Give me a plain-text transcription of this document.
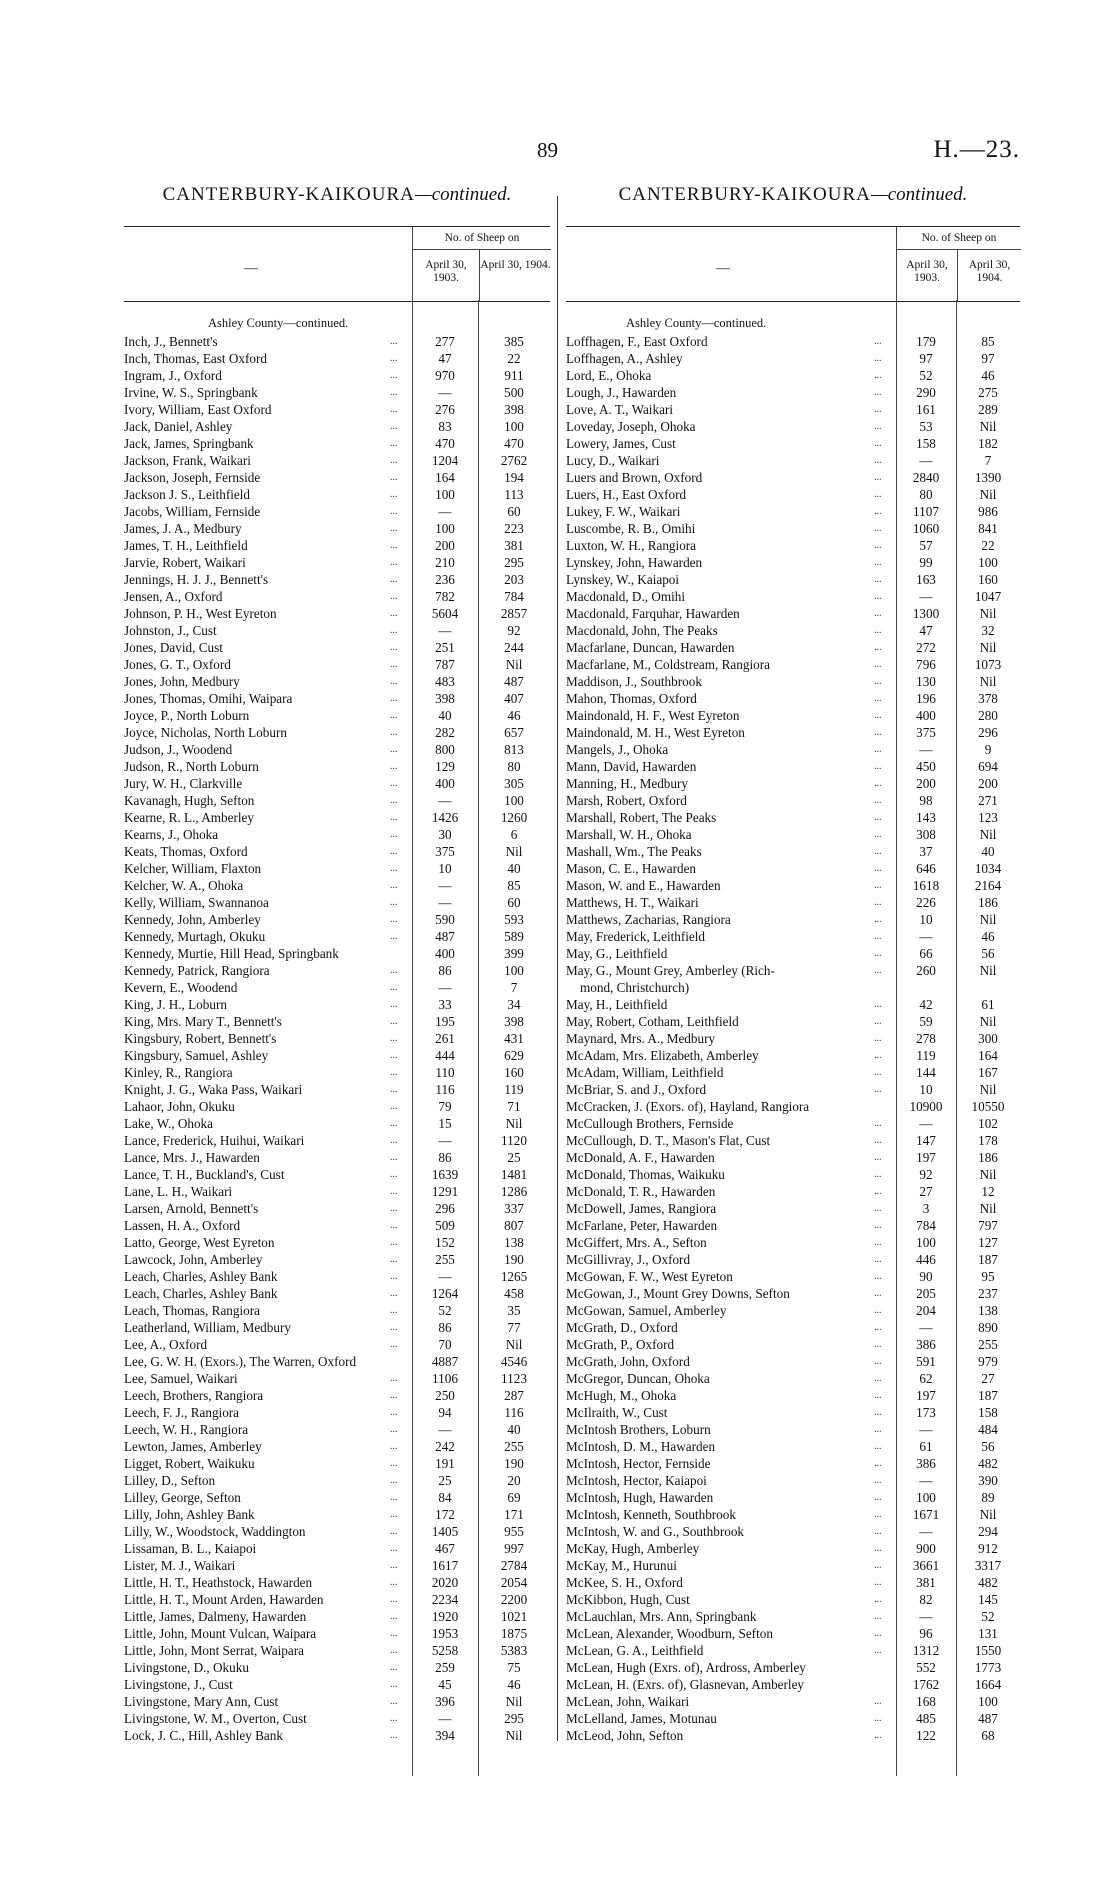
89	H.—23.
CANTERBURY-KAIKOURA—continued.
—
No. of Sheep on
April 30, 1903.
April 30, 1904.
Ashley County—continued.
Inch, J., Bennett's	...	277	385
Inch, Thomas, East Oxford	...	47	22
Ingram, J., Oxford	...	970	911
Irvine, W. S., Springbank	...	—	500
Ivory, William, East Oxford	...	276	398
Jack, Daniel, Ashley	...	83	100
Jack, James, Springbank	...	470	470
Jackson, Frank, Waikari	...	1204	2762
Jackson, Joseph, Fernside	...	164	194
Jackson J. S., Leithfield	...	100	113
Jacobs, William, Fernside	...	—	60
James, J. A., Medbury	...	100	223
James, T. H., Leithfield	...	200	381
Jarvie, Robert, Waikari	...	210	295
Jennings, H. J. J., Bennett's	...	236	203
Jensen, A., Oxford	...	782	784
Johnson, P. H., West Eyreton	...	5604	2857
Johnston, J., Cust	...	—	92
Jones, David, Cust	...	251	244
Jones, G. T., Oxford	...	787	Nil
Jones, John, Medbury	...	483	487
Jones, Thomas, Omihi, Waipara	...	398	407
Joyce, P., North Loburn	...	40	46
Joyce, Nicholas, North Loburn	...	282	657
Judson, J., Woodend	...	800	813
Judson, R., North Loburn	...	129	80
Jury, W. H., Clarkville	...	400	305
Kavanagh, Hugh, Sefton	...	—	100
Kearne, R. L., Amberley	...	1426	1260
Kearns, J., Ohoka	...	30	6
Keats, Thomas, Oxford	...	375	Nil
Kelcher, William, Flaxton	...	10	40
Kelcher, W. A., Ohoka	...	—	85
Kelly, William, Swannanoa	...	—	60
Kennedy, John, Amberley	...	590	593
Kennedy, Murtagh, Okuku	...	487	589
Kennedy, Murtie, Hill Head, Springbank	400	399
Kennedy, Patrick, Rangiora	...	86	100
Kevern, E., Woodend	...	—	7
King, J. H., Loburn	...	33	34
King, Mrs. Mary T., Bennett's	...	195	398
Kingsbury, Robert, Bennett's	...	261	431
Kingsbury, Samuel, Ashley	...	444	629
Kinley, R., Rangiora	...	110	160
Knight, J. G., Waka Pass, Waikari	...	116	119
Lahaor, John, Okuku	...	79	71
Lake, W., Ohoka	...	15	Nil
Lance, Frederick, Huihui, Waikari	...	—	1120
Lance, Mrs. J., Hawarden	...	86	25
Lance, T. H., Buckland's, Cust	...	1639	1481
Lane, L. H., Waikari	...	1291	1286
Larsen, Arnold, Bennett's	...	296	337
Lassen, H. A., Oxford	...	509	807
Latto, George, West Eyreton	...	152	138
Lawcock, John, Amberley	...	255	190
Leach, Charles, Ashley Bank	...	—	1265
Leach, Charles, Ashley Bank	...	1264	458
Leach, Thomas, Rangiora	...	52	35
Leatherland, William, Medbury	...	86	77
Lee, A., Oxford	...	70	Nil
Lee, G. W. H. (Exors.), The Warren, Oxford	4887	4546
Lee, Samuel, Waikari	...	1106	1123
Leech, Brothers, Rangiora	...	250	287
Leech, F. J., Rangiora	...	94	116
Leech, W. H., Rangiora	...	—	40
Lewton, James, Amberley	...	242	255
Ligget, Robert, Waikuku	...	191	190
Lilley, D., Sefton	...	25	20
Lilley, George, Sefton	...	84	69
Lilly, John, Ashley Bank	...	172	171
Lilly, W., Woodstock, Waddington	...	1405	955
Lissaman, B. L., Kaiapoi	...	467	997
Lister, M. J., Waikari	...	1617	2784
Little, H. T., Heathstock, Hawarden	...	2020	2054
Little, H. T., Mount Arden, Hawarden	...	2234	2200
Little, James, Dalmeny, Hawarden	...	1920	1021
Little, John, Mount Vulcan, Waipara	...	1953	1875
Little, John, Mont Serrat, Waipara	...	5258	5383
Livingstone, D., Okuku	...	259	75
Livingstone, J., Cust	...	45	46
Livingstone, Mary Ann, Cust	...	396	Nil
Livingstone, W. M., Overton, Cust	...	—	295
Lock, J. C., Hill, Ashley Bank	...	394	Nil
CANTERBURY-KAIKOURA—continued.
—
No. of Sheep on
April 30, 1903.
April 30, 1904.
Ashley County—continued.
Loffhagen, F., East Oxford	...	179	85
Loffhagen, A., Ashley	...	97	97
Lord, E., Ohoka	...	52	46
Lough, J., Hawarden	...	290	275
Love, A. T., Waikari	...	161	289
Loveday, Joseph, Ohoka	...	53	Nil
Lowery, James, Cust	...	158	182
Lucy, D., Waikari	...	—	7
Luers and Brown, Oxford	...	2840	1390
Luers, H., East Oxford	...	80	Nil
Lukey, F. W., Waikari	...	1107	986
Luscombe, R. B., Omihi	...	1060	841
Luxton, W. H., Rangiora	...	57	22
Lynskey, John, Hawarden	...	99	100
Lynskey, W., Kaiapoi	...	163	160
Macdonald, D., Omihi	...	—	1047
Macdonald, Farquhar, Hawarden	...	1300	Nil
Macdonald, John, The Peaks	...	47	32
Macfarlane, Duncan, Hawarden	...	272	Nil
Macfarlane, M., Coldstream, Rangiora	...	796	1073
Maddison, J., Southbrook	...	130	Nil
Mahon, Thomas, Oxford	...	196	378
Maindonald, H. F., West Eyreton	...	400	280
Maindonald, M. H., West Eyreton	...	375	296
Mangels, J., Ohoka	...	—	9
Mann, David, Hawarden	...	450	694
Manning, H., Medbury	...	200	200
Marsh, Robert, Oxford	...	98	271
Marshall, Robert, The Peaks	...	143	123
Marshall, W. H., Ohoka	...	308	Nil
Mashall, Wm., The Peaks	...	37	40
Mason, C. E., Hawarden	...	646	1034
Mason, W. and E., Hawarden	...	1618	2164
Matthews, H. T., Waikari	...	226	186
Matthews, Zacharias, Rangiora	...	10	Nil
May, Frederick, Leithfield	...	—	46
May, G., Leithfield	...	66	56
May, G., Mount Grey, Amberley (Rich-
mond, Christchurch)
...	260	Nil
May, H., Leithfield	...	42	61
May, Robert, Cotham, Leithfield	...	59	Nil
Maynard, Mrs. A., Medbury	...	278	300
McAdam, Mrs. Elizabeth, Amberley	...	119	164
McAdam, William, Leithfield	...	144	167
McBriar, S. and J., Oxford	...	10	Nil
McCracken, J. (Exors. of), Hayland, Rangiora	10900	10550
McCullough Brothers, Fernside	...	—	102
McCullough, D. T., Mason's Flat, Cust	...	147	178
McDonald, A. F., Hawarden	...	197	186
McDonald, Thomas, Waikuku	...	92	Nil
McDonald, T. R., Hawarden	...	27	12
McDowell, James, Rangiora	...	3	Nil
McFarlane, Peter, Hawarden	...	784	797
McGiffert, Mrs. A., Sefton	...	100	127
McGillivray, J., Oxford	...	446	187
McGowan, F. W., West Eyreton	...	90	95
McGowan, J., Mount Grey Downs, Sefton	...	205	237
McGowan, Samuel, Amberley	...	204	138
McGrath, D., Oxford	...	—	890
McGrath, P., Oxford	...	386	255
McGrath, John, Oxford	...	591	979
McGregor, Duncan, Ohoka	...	62	27
McHugh, M., Ohoka	...	197	187
McIlraith, W., Cust	...	173	158
McIntosh Brothers, Loburn	...	—	484
McIntosh, D. M., Hawarden	...	61	56
McIntosh, Hector, Fernside	...	386	482
McIntosh, Hector, Kaiapoi	...	—	390
McIntosh, Hugh, Hawarden	...	100	89
McIntosh, Kenneth, Southbrook	...	1671	Nil
McIntosh, W. and G., Southbrook	...	—	294
McKay, Hugh, Amberley	...	900	912
McKay, M., Hurunui	...	3661	3317
McKee, S. H., Oxford	...	381	482
McKibbon, Hugh, Cust	...	82	145
McLauchlan, Mrs. Ann, Springbank	...	—	52
McLean, Alexander, Woodburn, Sefton	...	96	131
McLean, G. A., Leithfield	...	1312	1550
McLean, Hugh (Exrs. of), Ardross, Amberley	552	1773
McLean, H. (Exrs. of), Glasnevan, Amberley	1762	1664
McLean, John, Waikari	...	168	100
McLelland, James, Motunau	...	485	487
McLeod, John, Sefton	...	122	68
